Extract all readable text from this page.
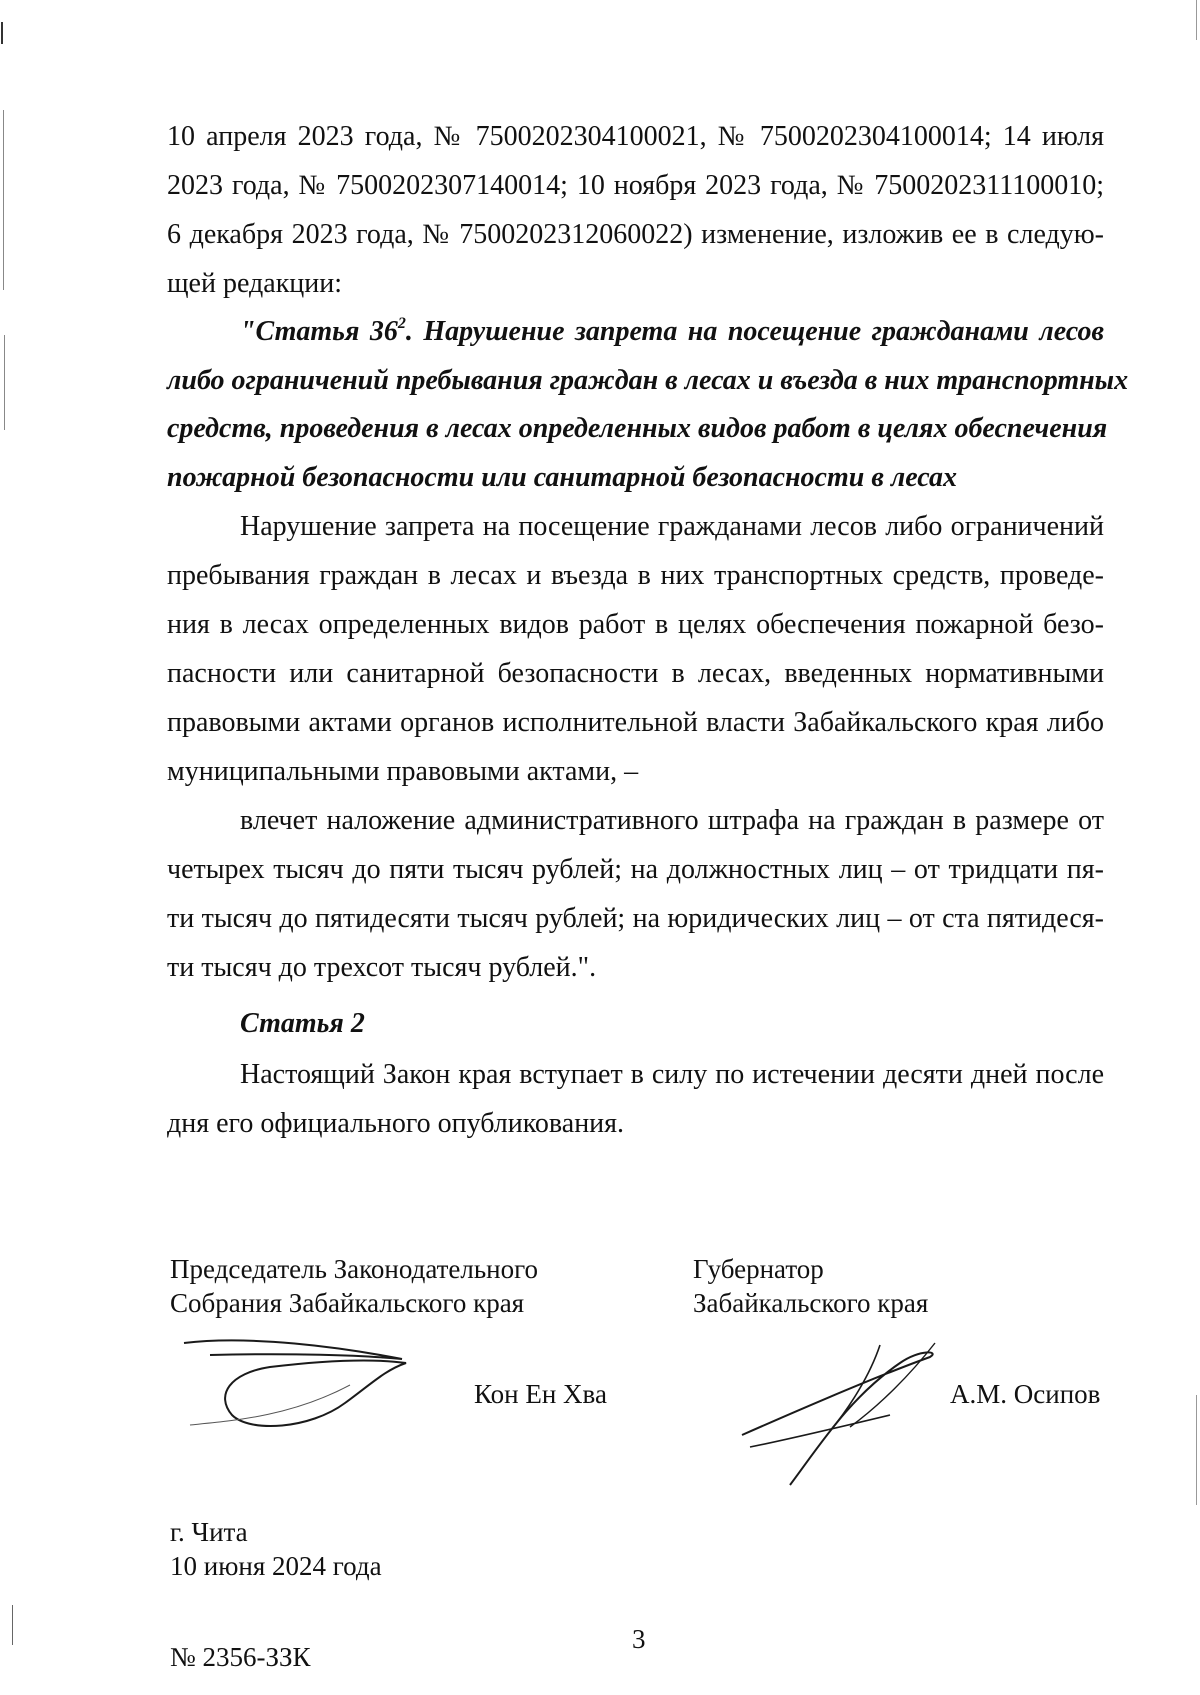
10 апреля 2023 года, № 7500202304100021, № 7500202304100014; 14 июля
2023 года, № 7500202307140014; 10 ноября 2023 года, № 7500202311100010;
6 декабря 2023 года, № 7500202312060022) изменение, изложив ее в следую-
щей редакции:
"Статья $36^2$. Нарушение запрета на посещение гражданами лесов
либо ограничений пребывания граждан в лесах и въезда в них транспортных
средств, проведения в лесах определенных видов работ в целях обеспечения
пожарной безопасности или санитарной безопасности в лесах
Нарушение запрета на посещение гражданами лесов либо ограничений
пребывания граждан в лесах и въезда в них транспортных средств, проведе-
ния в лесах определенных видов работ в целях обеспечения пожарной безо-
пасности или санитарной безопасности в лесах, введенных нормативными
правовыми актами органов исполнительной власти Забайкальского края либо
муниципальными правовыми актами, –
влечет наложение административного штрафа на граждан в размере от
четырех тысяч до пяти тысяч рублей; на должностных лиц – от тридцати пя-
ти тысяч до пятидесяти тысяч рублей; на юридических лиц – от ста пятидеся-
ти тысяч до трехсот тысяч рублей.".
Статья 2
Настоящий Закон края вступает в силу по истечении десяти дней после
дня его официального опубликования.
Председатель Законодательного
Собрания Забайкальского края
Губернатор
Забайкальского края
Кон Ен Хва	А.М. Осипов
г. Чита
10 июня 2024 года
3
№ 2356-ЗЗК
